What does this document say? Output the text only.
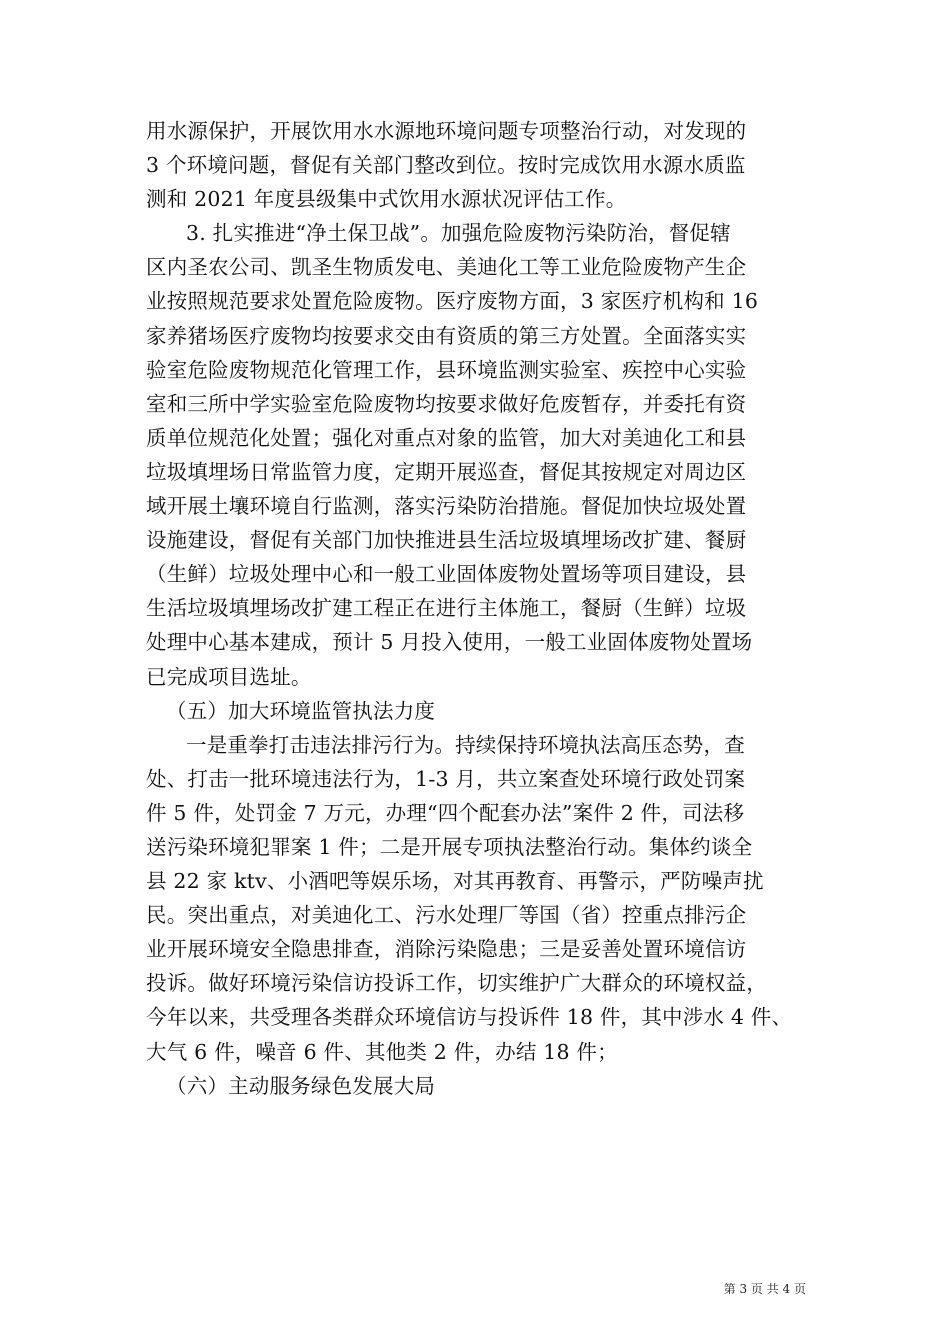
用水源保护，开展饮用水水源地环境问题专项整治行动，对发现的
3 个环境问题，督促有关部门整改到位。按时完成饮用水源水质监
测和 2021 年度县级集中式饮用水源状况评估工作。
3. 扎实推进“净土保卫战”。加强危险废物污染防治，督促辖
区内圣农公司、凯圣生物质发电、美迪化工等工业危险废物产生企
业按照规范要求处置危险废物。医疗废物方面，3 家医疗机构和 16
家养猪场医疗废物均按要求交由有资质的第三方处置。全面落实实
验室危险废物规范化管理工作，县环境监测实验室、疾控中心实验
室和三所中学实验室危险废物均按要求做好危废暂存，并委托有资
质单位规范化处置；强化对重点对象的监管，加大对美迪化工和县
垃圾填埋场日常监管力度，定期开展巡查，督促其按规定对周边区
域开展土壤环境自行监测，落实污染防治措施。督促加快垃圾处置
设施建设，督促有关部门加快推进县生活垃圾填埋场改扩建、餐厨
（生鲜）垃圾处理中心和一般工业固体废物处置场等项目建设，县
生活垃圾填埋场改扩建工程正在进行主体施工，餐厨（生鲜）垃圾
处理中心基本建成，预计 5 月投入使用，一般工业固体废物处置场
已完成项目选址。
（五）加大环境监管执法力度
一是重拳打击违法排污行为。持续保持环境执法高压态势，查
处、打击一批环境违法行为，1-3 月，共立案查处环境行政处罚案
件 5 件，处罚金 7 万元，办理“四个配套办法”案件 2 件，司法移
送污染环境犯罪案 1 件；二是开展专项执法整治行动。集体约谈全
县 22 家 ktv、小酒吧等娱乐场，对其再教育、再警示，严防噪声扰
民。突出重点，对美迪化工、污水处理厂等国（省）控重点排污企
业开展环境安全隐患排查，消除污染隐患；三是妥善处置环境信访
投诉。做好环境污染信访投诉工作，切实维护广大群众的环境权益，
今年以来，共受理各类群众环境信访与投诉件 18 件，其中涉水 4 件、
大气 6 件，噪音 6 件、其他类 2 件，办结 18 件；
（六）主动服务绿色发展大局
第 3 页 共 4 页
